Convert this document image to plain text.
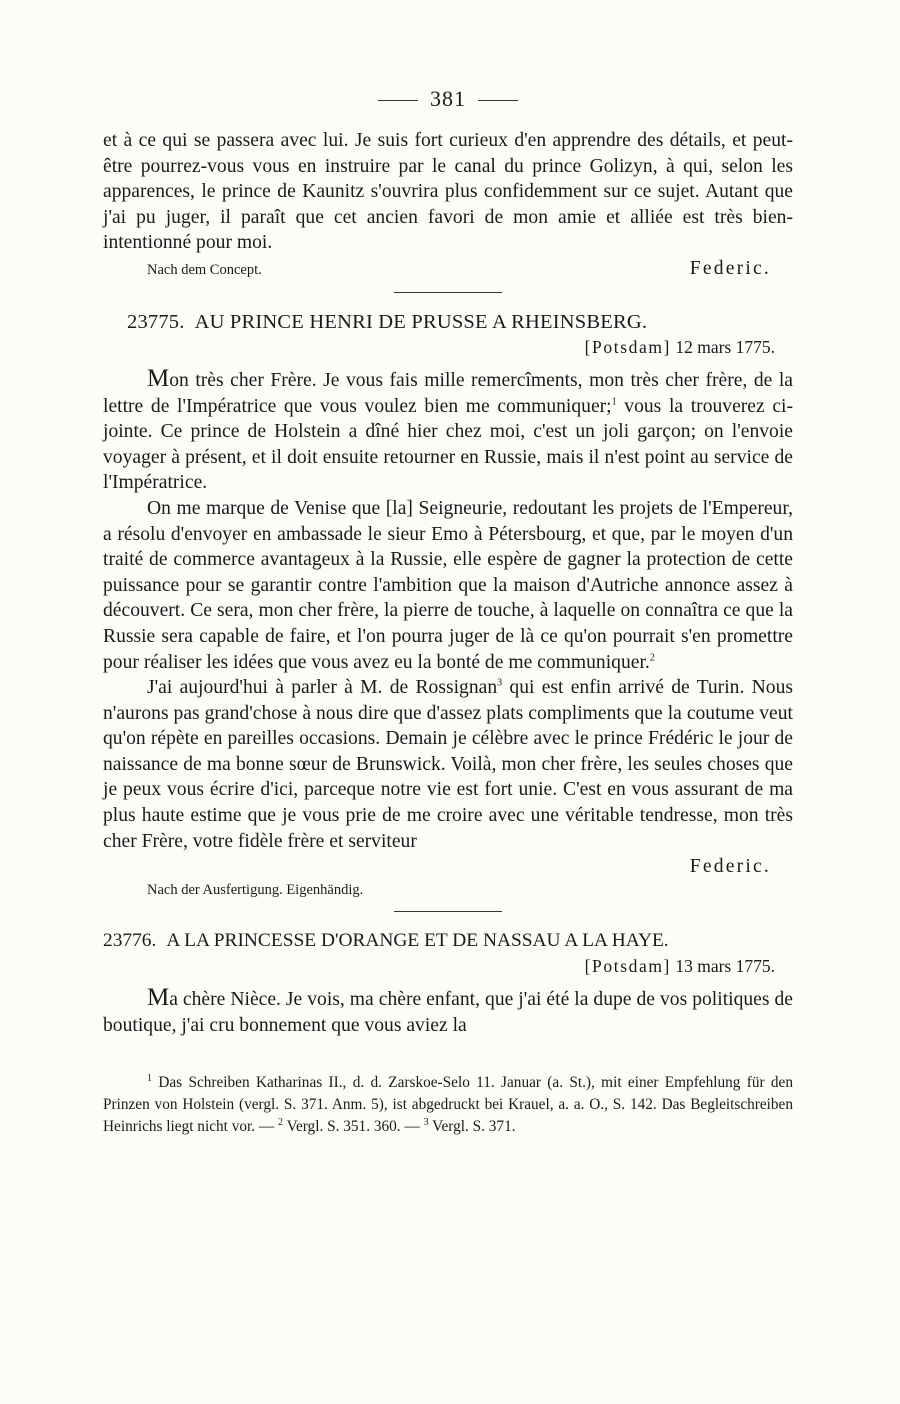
381

et à ce qui se passera avec lui. Je suis fort curieux d'en apprendre des détails, et peut-être pourrez-vous vous en instruire par le canal du prince Golizyn, à qui, selon les apparences, le prince de Kaunitz s'ouvrira plus confidemment sur ce sujet. Autant que j'ai pu juger, il paraît que cet ancien favori de mon amie et alliée est très bien-intentionné pour moi.

Nach dem Concept.	Federic.
23775. AU PRINCE HENRI DE PRUSSE A RHEINSBERG.
[Potsdam] 12 mars 1775.

Mon très cher Frère. Je vous fais mille remercîments, mon très cher frère, de la lettre de l'Impératrice que vous voulez bien me communiquer;$^1$ vous la trouverez ci-jointe. Ce prince de Holstein a dîné hier chez moi, c'est un joli garçon; on l'envoie voyager à présent, et il doit ensuite retourner en Russie, mais il n'est point au service de l'Impératrice.

On me marque de Venise que [la] Seigneurie, redoutant les projets de l'Empereur, a résolu d'envoyer en ambassade le sieur Emo à Pétersbourg, et que, par le moyen d'un traité de commerce avantageux à la Russie, elle espère de gagner la protection de cette puissance pour se garantir contre l'ambition que la maison d'Autriche annonce assez à découvert. Ce sera, mon cher frère, la pierre de touche, à laquelle on connaîtra ce que la Russie sera capable de faire, et l'on pourra juger de là ce qu'on pourrait s'en promettre pour réaliser les idées que vous avez eu la bonté de me communiquer.$^2$

J'ai aujourd'hui à parler à M. de Rossignan$^3$ qui est enfin arrivé de Turin. Nous n'aurons pas grand'chose à nous dire que d'assez plats compliments que la coutume veut qu'on répète en pareilles occasions. Demain je célèbre avec le prince Frédéric le jour de naissance de ma bonne sœur de Brunswick. Voilà, mon cher frère, les seules choses que je peux vous écrire d'ici, parceque notre vie est fort unie. C'est en vous assurant de ma plus haute estime que je vous prie de me croire avec une véritable tendresse, mon très cher Frère, votre fidèle frère et serviteur

Federic.
Nach der Ausfertigung. Eigenhändig.
23776. A LA PRINCESSE D'ORANGE ET DE NASSAU A LA HAYE.
[Potsdam] 13 mars 1775.

Ma chère Nièce. Je vois, ma chère enfant, que j'ai été la dupe de vos politiques de boutique, j'ai cru bonnement que vous aviez la

$^1$ Das Schreiben Katharinas II., d. d. Zarskoe-Selo 11. Januar (a. St.), mit einer Empfehlung für den Prinzen von Holstein (vergl. S. 371. Anm. 5), ist abgedruckt bei Krauel, a. a. O., S. 142. Das Begleitschreiben Heinrichs liegt nicht vor. — $^2$ Vergl. S. 351. 360. — $^3$ Vergl. S. 371.
